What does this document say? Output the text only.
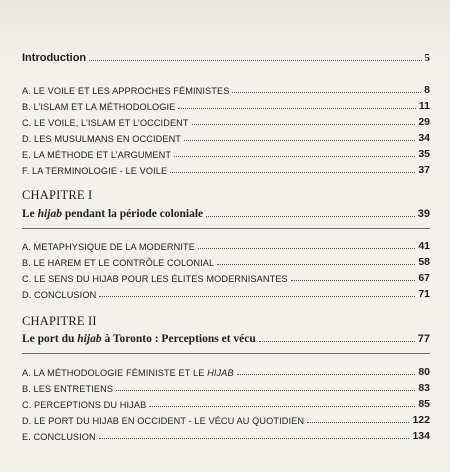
Introduction	5
A. LE VOILE ET LES APPROCHES FÉMINISTES	8
B. L’ISLAM ET LA MÉTHODOLOGIE	11
C. LE VOILE, L’ISLAM ET L’OCCIDENT	29
D. LES MUSULMANS EN OCCIDENT	34
E. LA MÉTHODE ET L’ARGUMENT	35
F. LA TERMINOLOGIE - LE VOILE	37
CHAPITRE I
Le hijab pendant la période coloniale	39
A. METAPHYSIQUE DE LA MODERNITE	41
B. LE HAREM ET LE CONTRÔLE COLONIAL	58
C. LE SENS DU HIJAB POUR LES ÉLITES MODERNISANTES	67
D. CONCLUSION	71
CHAPITRE II
Le port du hijab à Toronto : Perceptions et vécu	77
A. LA MÉTHODOLOGIE FÉMINISTE ET LE HIJAB	80
B. LES ENTRETIENS	83
C. PERCEPTIONS DU HIJAB	85
D. LE PORT DU HIJAB EN OCCIDENT - LE VÉCU AU QUOTIDIEN	122
E. CONCLUSION	134
